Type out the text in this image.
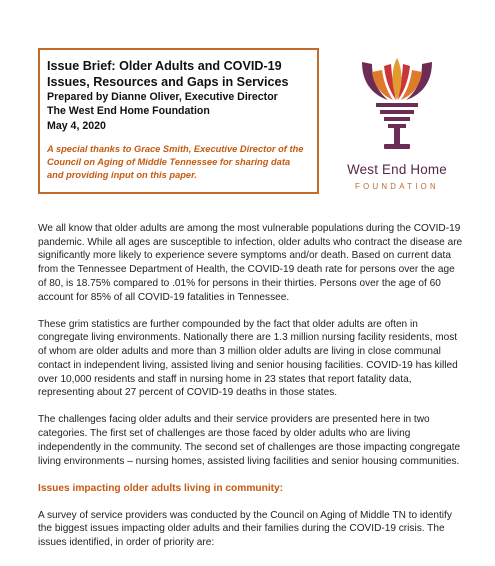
Issue Brief: Older Adults and COVID-19
Issues, Resources and Gaps in Services
Prepared by Dianne Oliver, Executive Director
The West End Home Foundation
May 4, 2020
A special thanks to Grace Smith, Executive Director of the Council on Aging of Middle Tennessee for sharing data and providing input on this paper.	West End Home
FOUNDATION

We all know that older adults are among the most vulnerable populations during the COVID-19 pandemic. While all ages are susceptible to infection, older adults who contract the disease are significantly more likely to experience severe symptoms and/or death. Based on current data from the Tennessee Department of Health, the COVID-19 death rate for persons over the age of 80, is 18.75% compared to .01% for persons in their thirties. Persons over the age of 60 account for 85% of all COVID-19 fatalities in Tennessee.

These grim statistics are further compounded by the fact that older adults are often in congregate living environments. Nationally there are 1.3 million nursing facility residents, most of whom are older adults and more than 3 million older adults are living in close communal contact in independent living, assisted living and senior housing facilities. COVID-19 has killed over 10,000 residents and staff in nursing home in 23 states that report fatality data, representing about 27 percent of COVID-19 deaths in those states.

The challenges facing older adults and their service providers are presented here in two categories. The first set of challenges are those faced by older adults who are living independently in the community. The second set of challenges are those impacting congregate living environments – nursing homes, assisted living facilities and senior housing communities.

Issues impacting older adults living in community:

A survey of service providers was conducted by the Council on Aging of Middle TN to identify the biggest issues impacting older adults and their families during the COVID-19 crisis. The issues identified, in order of priority are:
